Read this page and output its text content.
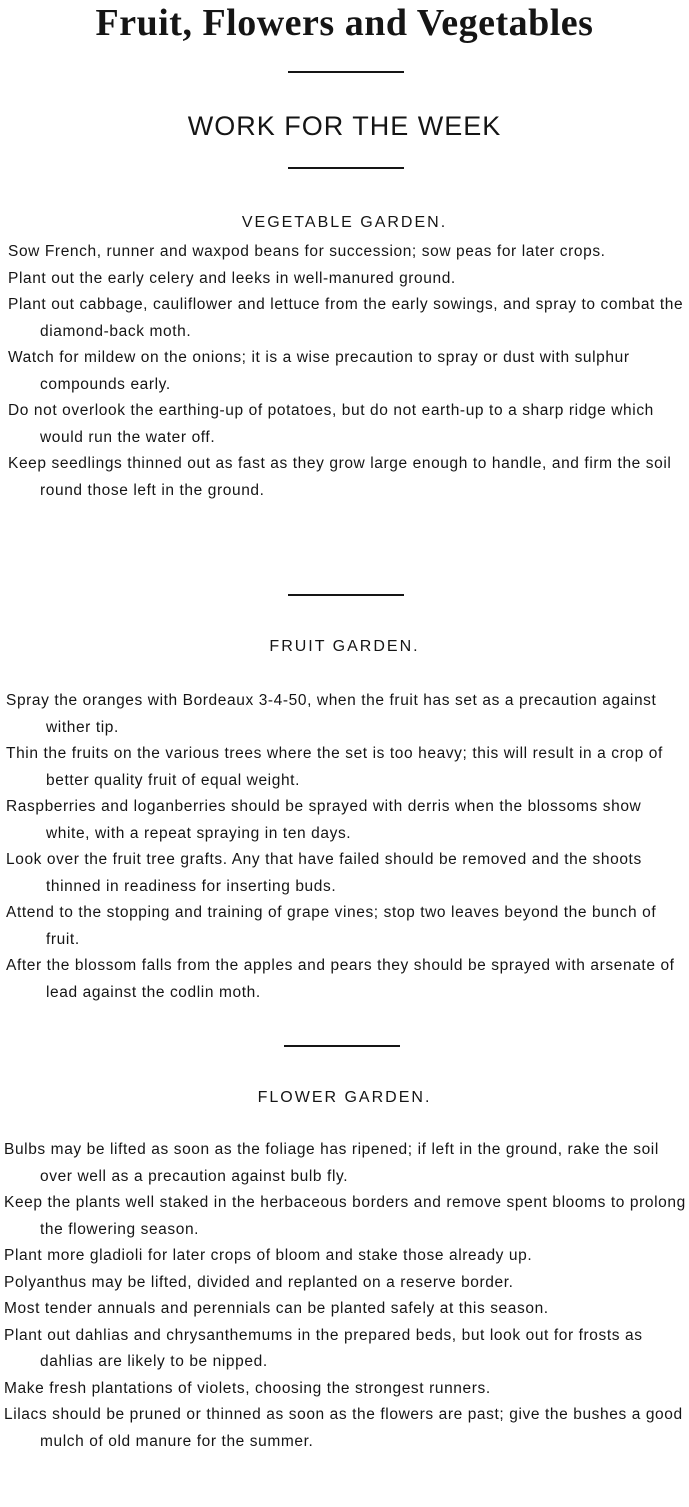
Fruit, Flowers and Vegetables
WORK FOR THE WEEK
VEGETABLE GARDEN.
Sow French, runner and waxpod beans for succession; sow peas for later crops.
Plant out the early celery and leeks in well-manured ground.
Plant out cabbage, cauliflower and lettuce from the early sowings, and spray to combat the diamond-back moth.
Watch for mildew on the onions; it is a wise precaution to spray or dust with sulphur compounds early.
Do not overlook the earthing-up of potatoes, but do not earth-up to a sharp ridge which would run the water off.
Keep seedlings thinned out as fast as they grow large enough to handle, and firm the soil round those left in the ground.
FRUIT GARDEN.
Spray the oranges with Bordeaux 3-4-50, when the fruit has set as a precaution against wither tip.
Thin the fruits on the various trees where the set is too heavy; this will result in a crop of better quality fruit of equal weight.
Raspberries and loganberries should be sprayed with derris when the blossoms show white, with a repeat spraying in ten days.
Look over the fruit tree grafts. Any that have failed should be removed and the shoots thinned in readiness for inserting buds.
Attend to the stopping and training of grape vines; stop two leaves beyond the bunch of fruit.
After the blossom falls from the apples and pears they should be sprayed with arsenate of lead against the codlin moth.
FLOWER GARDEN.
Bulbs may be lifted as soon as the foliage has ripened; if left in the ground, rake the soil over well as a precaution against bulb fly.
Keep the plants well staked in the herbaceous borders and remove spent blooms to prolong the flowering season.
Plant more gladioli for later crops of bloom and stake those already up.
Polyanthus may be lifted, divided and replanted on a reserve border.
Most tender annuals and perennials can be planted safely at this season.
Plant out dahlias and chrysanthemums in the prepared beds, but look out for frosts as dahlias are likely to be nipped.
Make fresh plantations of violets, choosing the strongest runners.
Lilacs should be pruned or thinned as soon as the flowers are past; give the bushes a good mulch of old manure for the summer.
